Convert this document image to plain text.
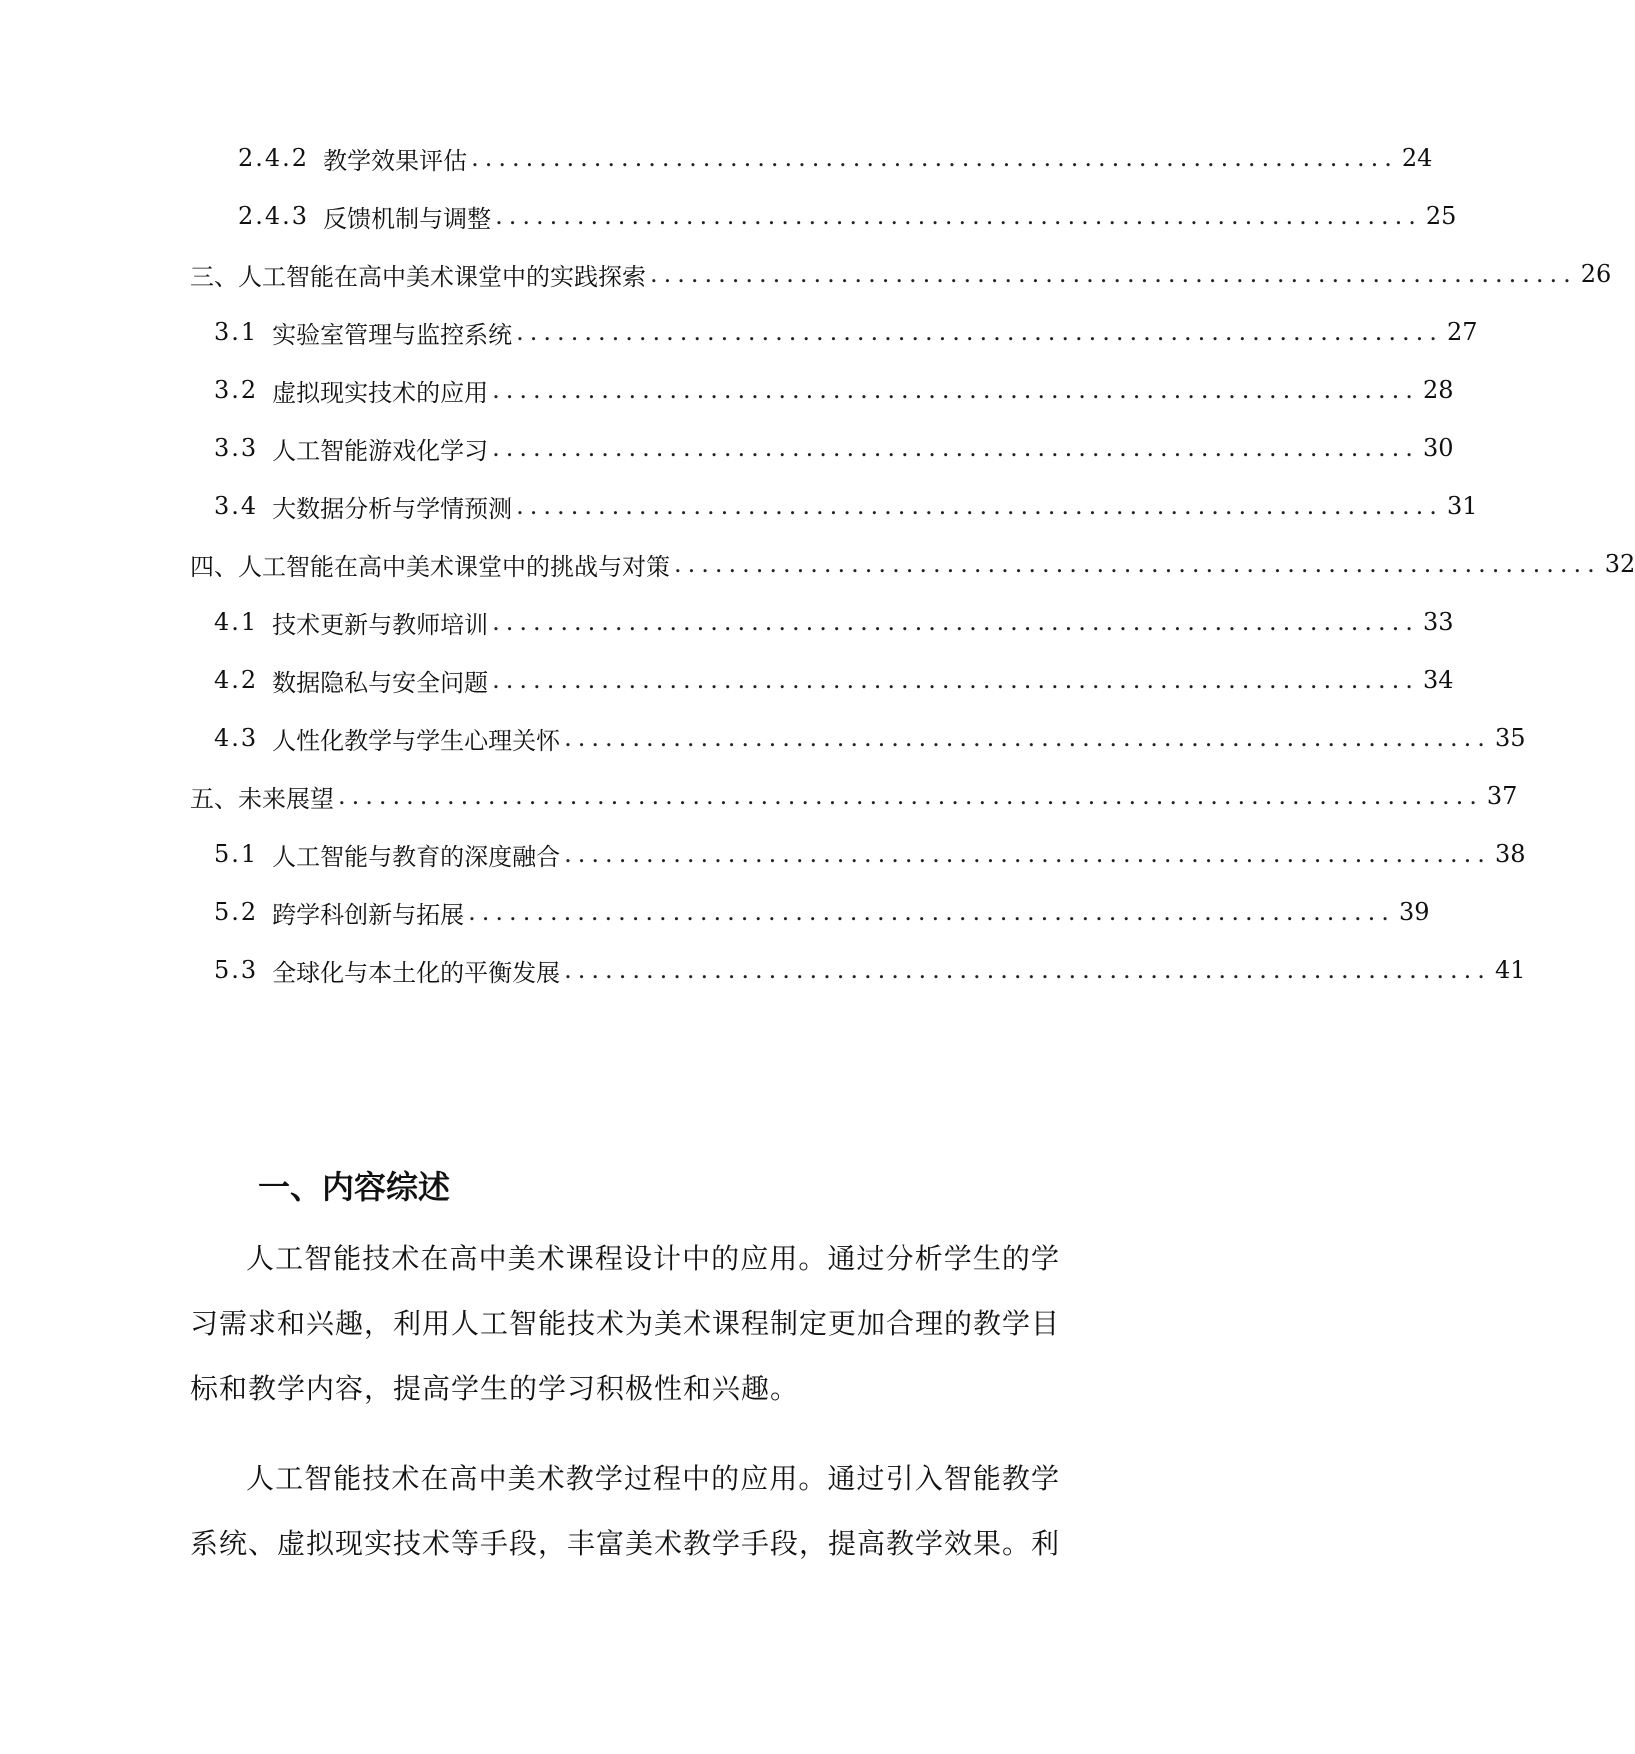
2.4.2 教学效果评估 .................................................................... 24
2.4.3 反馈机制与调整 .................................................................... 25
三、人工智能在高中美术课堂中的实践探索 .................................................................... 26
3.1 实验室管理与监控系统 .................................................................... 27
3.2 虚拟现实技术的应用 .................................................................... 28
3.3 人工智能游戏化学习 .................................................................... 30
3.4 大数据分析与学情预测 .................................................................... 31
四、人工智能在高中美术课堂中的挑战与对策 .................................................................... 32
4.1 技术更新与教师培训 .................................................................... 33
4.2 数据隐私与安全问题 .................................................................... 34
4.3 人性化教学与学生心理关怀 .................................................................... 35
五、未来展望 .................................................................................... 37
5.1 人工智能与教育的深度融合 .................................................................... 38
5.2 跨学科创新与拓展 .................................................................... 39
5.3 全球化与本土化的平衡发展 .................................................................... 41
一、内容综述
人工智能技术在高中美术课程设计中的应用。通过分析学生的学习需求和兴趣，利用人工智能技术为美术课程制定更加合理的教学目标和教学内容，提高学生的学习积极性和兴趣。
人工智能技术在高中美术教学过程中的应用。通过引入智能教学系统、虚拟现实技术等手段，丰富美术教学手段，提高教学效果。利
